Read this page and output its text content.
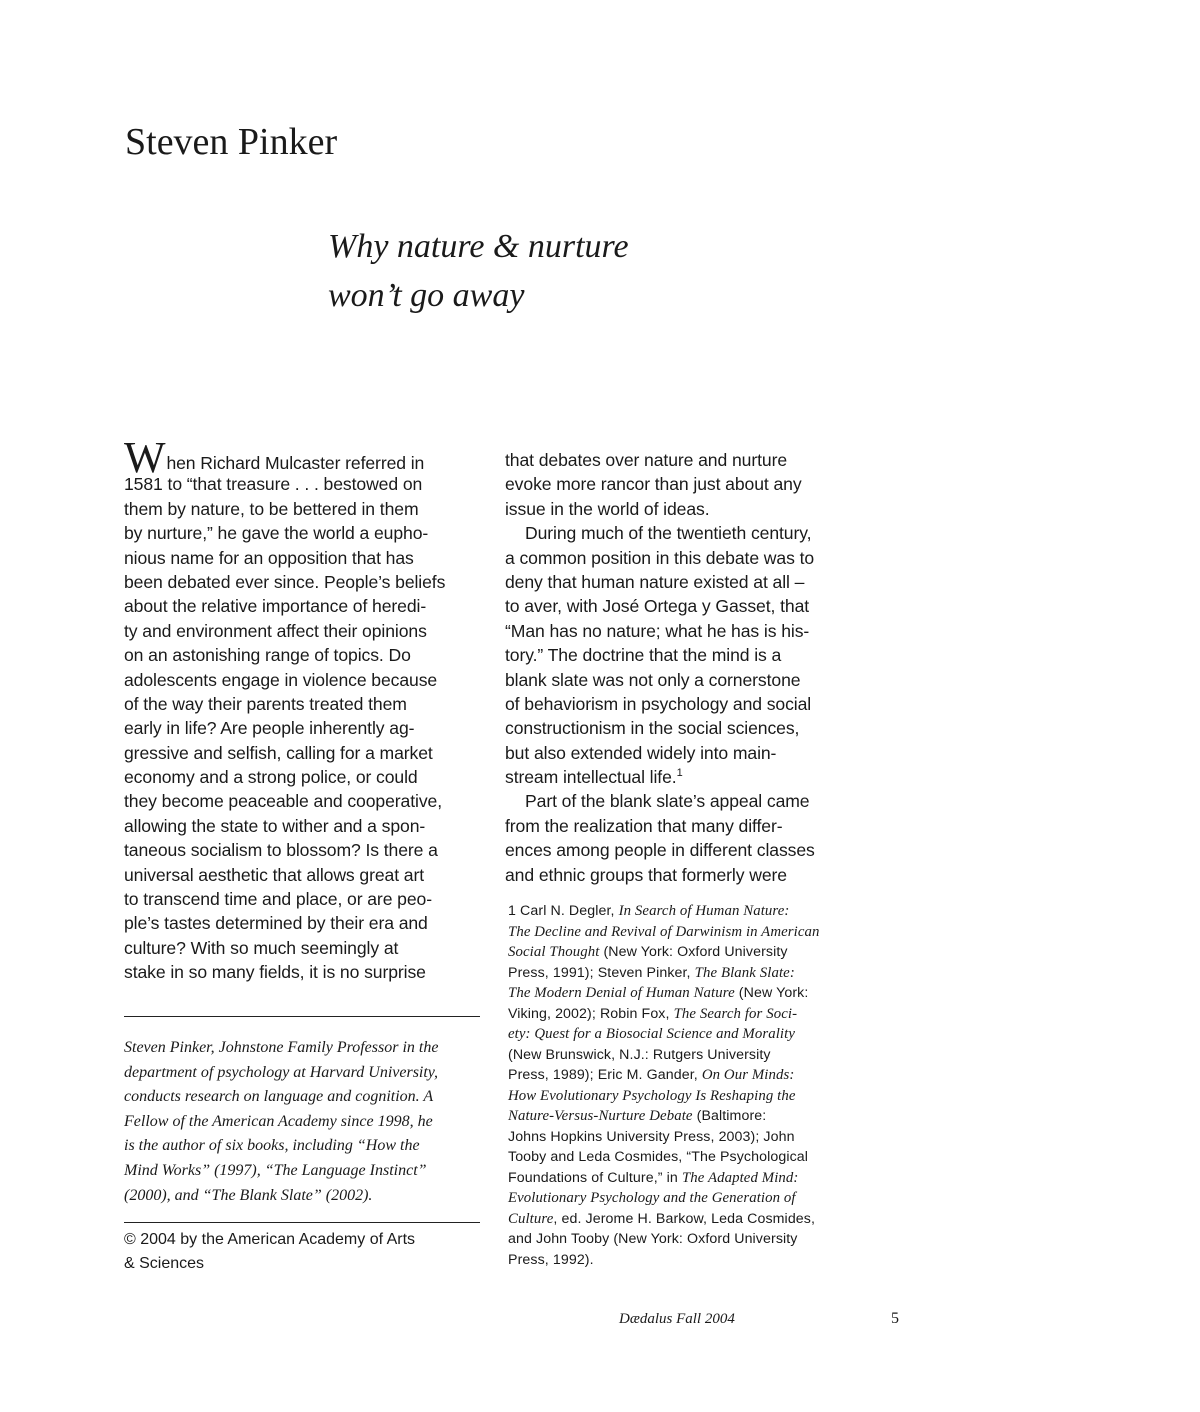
Steven Pinker
Why nature & nurture
won’t go away
When Richard Mulcaster referred in
1581 to “that treasure . . . bestowed on
them by nature, to be bettered in them
by nurture,” he gave the world a eupho-
nious name for an opposition that has
been debated ever since. People’s beliefs
about the relative importance of heredi-
ty and environment affect their opinions
on an astonishing range of topics. Do
adolescents engage in violence because
of the way their parents treated them
early in life? Are people inherently ag-
gressive and selfish, calling for a market
economy and a strong police, or could
they become peaceable and cooperative,
allowing the state to wither and a spon-
taneous socialism to blossom? Is there a
universal aesthetic that allows great art
to transcend time and place, or are peo-
ple’s tastes determined by their era and
culture? With so much seemingly at
stake in so many fields, it is no surprise
that debates over nature and nurture
evoke more rancor than just about any
issue in the world of ideas.
During much of the twentieth century,
a common position in this debate was to
deny that human nature existed at all –
to aver, with José Ortega y Gasset, that
“Man has no nature; what he has is his-
tory.” The doctrine that the mind is a
blank slate was not only a cornerstone
of behaviorism in psychology and social
constructionism in the social sciences,
but also extended widely into main-
stream intellectual life.$^1$
Part of the blank slate’s appeal came
from the realization that many differ-
ences among people in different classes
and ethnic groups that formerly were
Steven Pinker, Johnstone Family Professor in the
department of psychology at Harvard University,
conducts research on language and cognition. A
Fellow of the American Academy since 1998, he
is the author of six books, including “How the
Mind Works” (1997), “The Language Instinct”
(2000), and “The Blank Slate” (2002).
© 2004 by the American Academy of Arts
& Sciences
1 Carl N. Degler, In Search of Human Nature:
The Decline and Revival of Darwinism in American
Social Thought (New York: Oxford University
Press, 1991); Steven Pinker, The Blank Slate:
The Modern Denial of Human Nature (New York:
Viking, 2002); Robin Fox, The Search for Soci-
ety: Quest for a Biosocial Science and Morality
(New Brunswick, N.J.: Rutgers University
Press, 1989); Eric M. Gander, On Our Minds:
How Evolutionary Psychology Is Reshaping the
Nature-Versus-Nurture Debate (Baltimore:
Johns Hopkins University Press, 2003); John
Tooby and Leda Cosmides, “The Psychological
Foundations of Culture,” in The Adapted Mind:
Evolutionary Psychology and the Generation of
Culture, ed. Jerome H. Barkow, Leda Cosmides,
and John Tooby (New York: Oxford University
Press, 1992).
Dædalus Fall 2004	5
